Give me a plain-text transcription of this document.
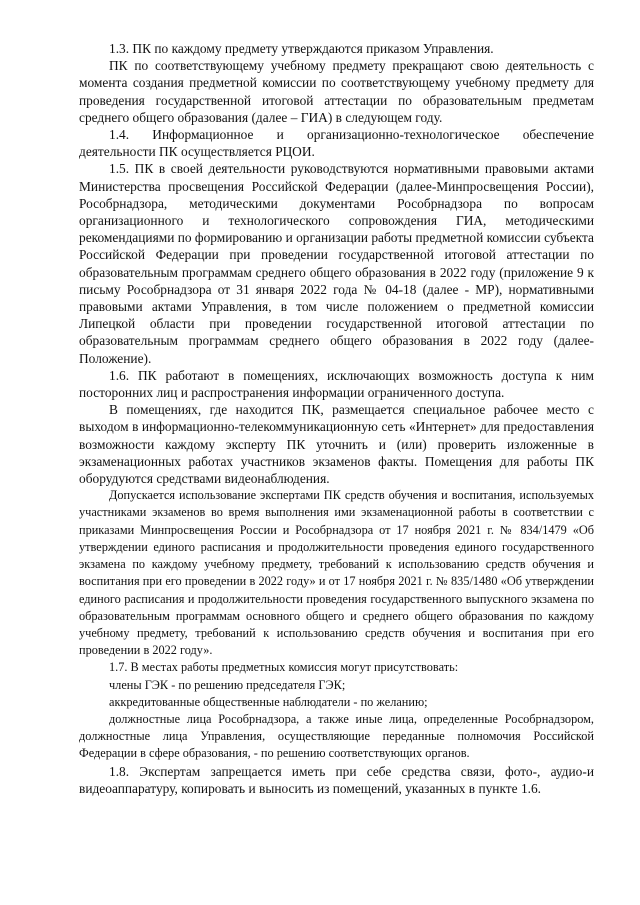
1.3. ПК по каждому предмету утверждаются приказом Управления.

ПК по соответствующему учебному предмету прекращают свою деятельность с момента создания предметной комиссии по соответствующему учебному предмету для проведения государственной итоговой аттестации по образовательным предметам среднего общего образования (далее – ГИА) в следующем году.

1.4. Информационное и организационно-технологическое обеспечение деятельности ПК осуществляется РЦОИ.

1.5. ПК в своей деятельности руководствуются нормативными правовыми актами Министерства просвещения Российской Федерации (далее-Минпросвещения России), Рособрнадзора, методическими документами Рособрнадзора по вопросам организационного и технологического сопровождения ГИА, методическими рекомендациями по формированию и организации работы предметной комиссии субъекта Российской Федерации при проведении государственной итоговой аттестации по образовательным программам среднего общего образования в 2022 году (приложение 9 к письму Рособрнадзора от 31 января 2022 года № 04-18 (далее - МР), нормативными правовыми актами Управления, в том числе положением о предметной комиссии Липецкой области при проведении государственной итоговой аттестации по образовательным программам среднего общего образования в 2022 году (далее-Положение).

1.6. ПК работают в помещениях, исключающих возможность доступа к ним посторонних лиц и распространения информации ограниченного доступа.

В помещениях, где находится ПК, размещается специальное рабочее место с выходом в информационно-телекоммуникационную сеть «Интернет» для предоставления возможности каждому эксперту ПК уточнить и (или) проверить изложенные в экзаменационных работах участников экзаменов факты. Помещения для работы ПК оборудуются средствами видеонаблюдения.

Допускается использование экспертами ПК средств обучения и воспитания, используемых участниками экзаменов во время выполнения ими экзаменационной работы в соответствии с приказами Минпросвещения России и Рособрнадзора от 17 ноября 2021 г. № 834/1479 «Об утверждении единого расписания и продолжительности проведения единого государственного экзамена по каждому учебному предмету, требований к использованию средств обучения и воспитания при его проведении в 2022 году» и от 17 ноября 2021 г. № 835/1480 «Об утверждении единого расписания и продолжительности проведения государственного выпускного экзамена по образовательным программам основного общего и среднего общего образования по каждому учебному предмету, требований к использованию средств обучения и воспитания при его проведении в 2022 году».

1.7. В местах работы предметных комиссия могут присутствовать:

члены ГЭК - по решению председателя ГЭК;

аккредитованные общественные наблюдатели - по желанию;

должностные лица Рособрнадзора, а также иные лица, определенные Рособрнадзором, должностные лица Управления, осуществляющие переданные полномочия Российской Федерации в сфере образования, - по решению соответствующих органов.

1.8. Экспертам запрещается иметь при себе средства связи, фото-, аудио-и видеоаппаратуру, копировать и выносить из помещений, указанных в пункте 1.6.
